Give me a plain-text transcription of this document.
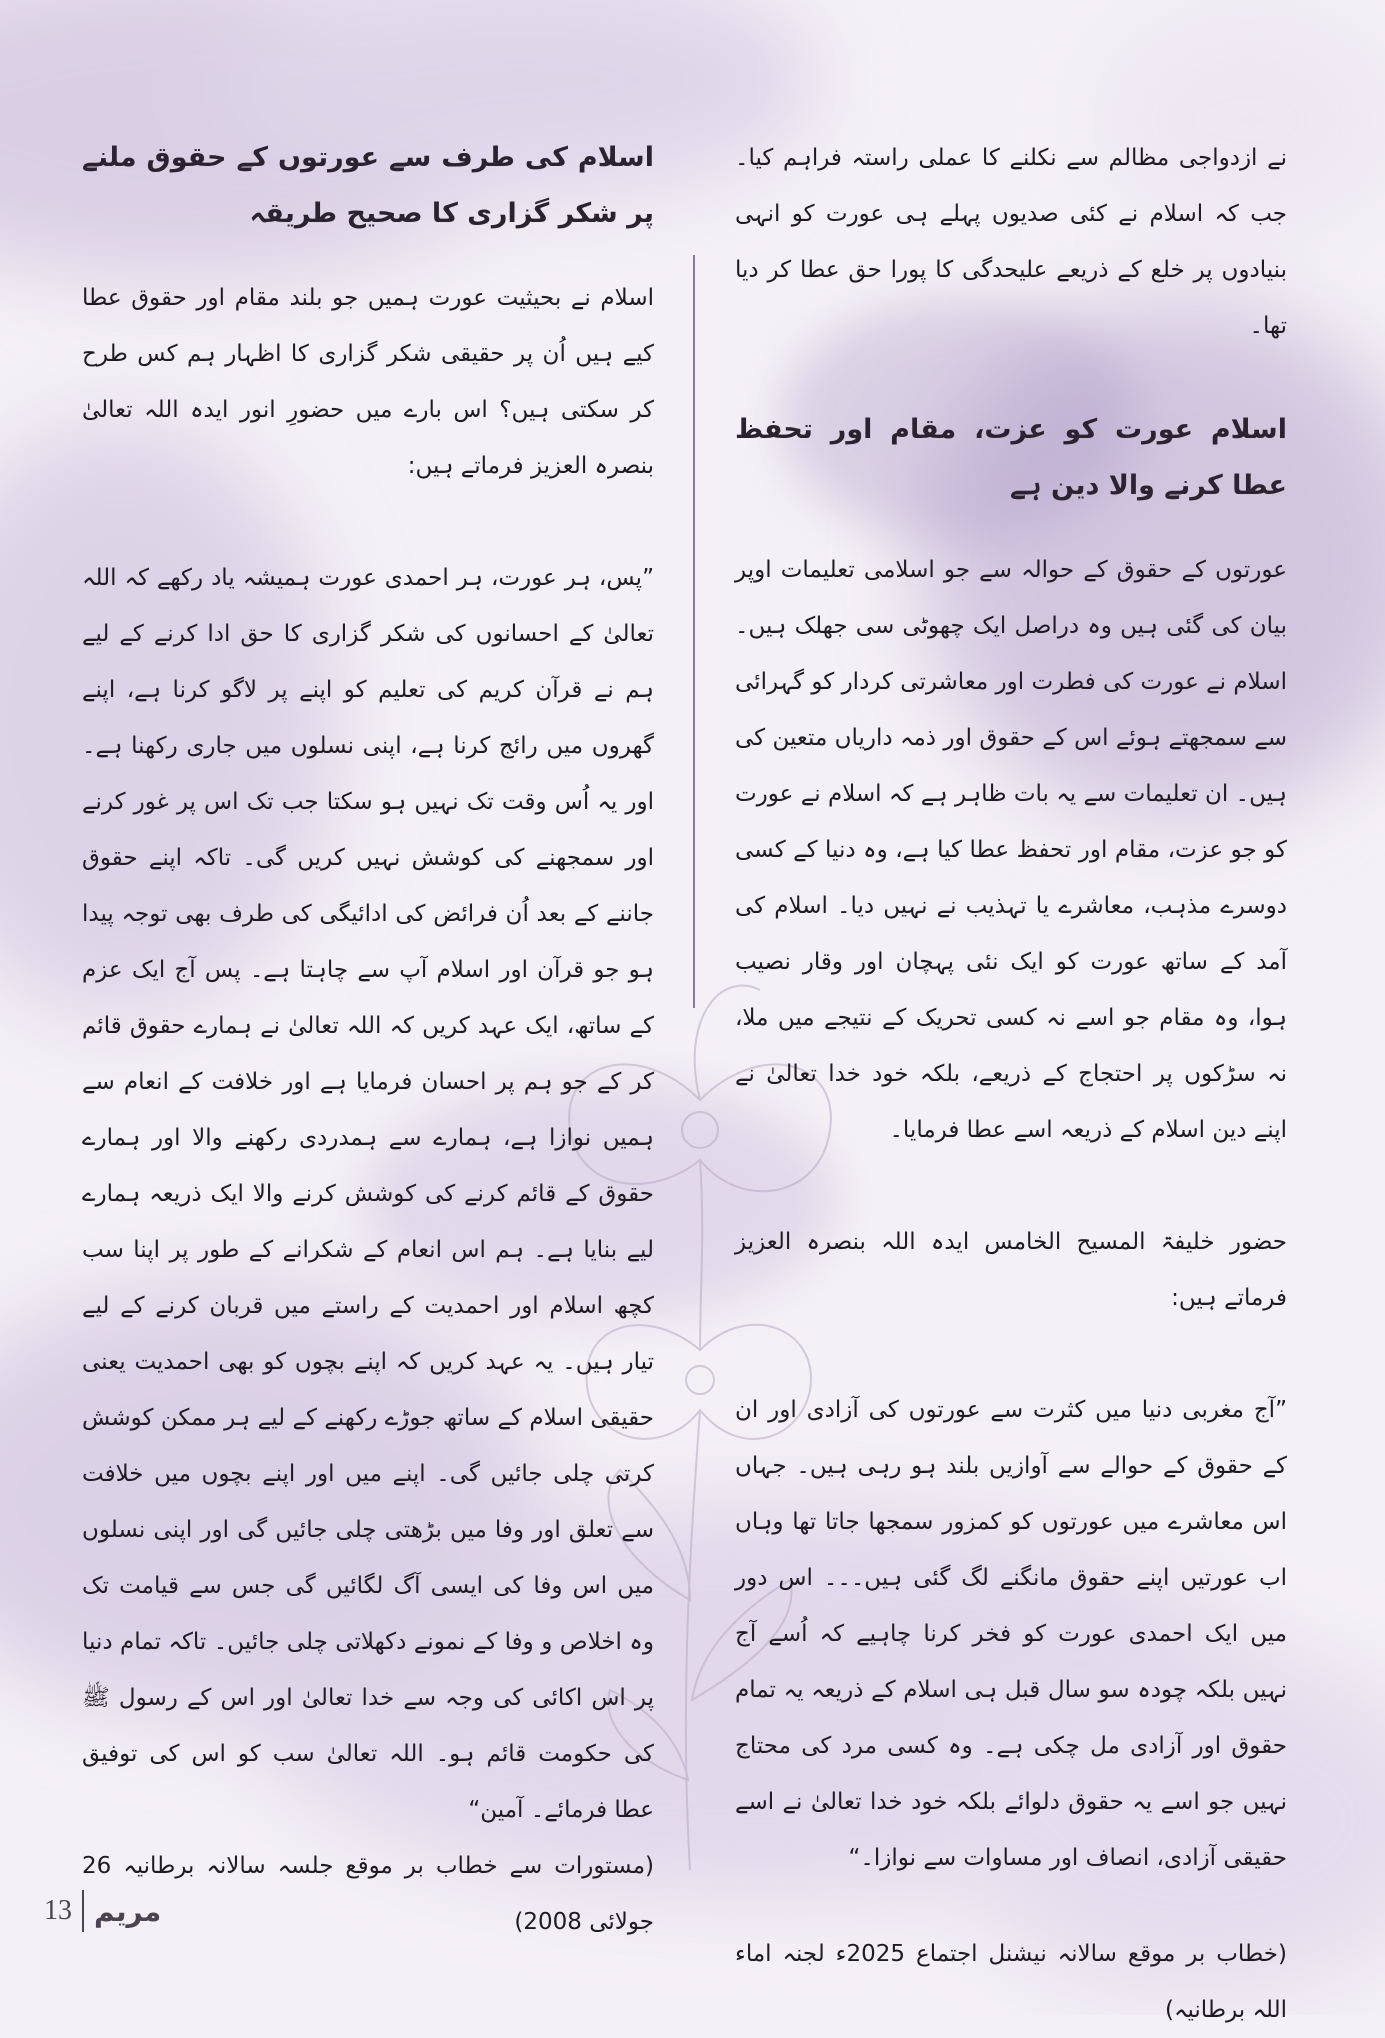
نے ازدواجی مظالم سے نکلنے کا عملی راستہ فراہم کیا۔ جب کہ اسلام نے کئی صدیوں پہلے ہی عورت کو انہی بنیادوں پر خلع کے ذریعے علیحدگی کا پورا حق عطا کر دیا تھا۔

اسلام عورت کو عزت، مقام اور تحفظ عطا کرنے والا دین ہے

عورتوں کے حقوق کے حوالہ سے جو اسلامی تعلیمات اوپر بیان کی گئی ہیں وہ دراصل ایک چھوٹی سی جھلک ہیں۔ اسلام نے عورت کی فطرت اور معاشرتی کردار کو گہرائی سے سمجھتے ہوئے اس کے حقوق اور ذمہ داریاں متعین کی ہیں۔ ان تعلیمات سے یہ بات ظاہر ہے کہ اسلام نے عورت کو جو عزت، مقام اور تحفظ عطا کیا ہے، وہ دنیا کے کسی دوسرے مذہب، معاشرے یا تہذیب نے نہیں دیا۔ اسلام کی آمد کے ساتھ عورت کو ایک نئی پہچان اور وقار نصیب ہوا، وہ مقام جو اسے نہ کسی تحریک کے نتیجے میں ملا، نہ سڑکوں پر احتجاج کے ذریعے، بلکہ خود خدا تعالیٰ نے اپنے دین اسلام کے ذریعہ اسے عطا فرمایا۔

حضور خلیفۃ المسیح الخامس ایدہ اللہ بنصرہ العزیز فرماتے ہیں:

”آج مغربی دنیا میں کثرت سے عورتوں کی آزادی اور ان کے حقوق کے حوالے سے آوازیں بلند ہو رہی ہیں۔ جہاں اس معاشرے میں عورتوں کو کمزور سمجھا جاتا تھا وہاں اب عورتیں اپنے حقوق مانگنے لگ گئی ہیں۔۔۔ اس دور میں ایک احمدی عورت کو فخر کرنا چاہیے کہ اُسے آج نہیں بلکہ چودہ سو سال قبل ہی اسلام کے ذریعہ یہ تمام حقوق اور آزادی مل چکی ہے۔ وہ کسی مرد کی محتاج نہیں جو اسے یہ حقوق دلوائے بلکہ خود خدا تعالیٰ نے اسے حقیقی آزادی، انصاف اور مساوات سے نوازا۔“

(خطاب بر موقع سالانہ نیشنل اجتماع 2025ء لجنہ اماء اللہ برطانیہ)

اسلام کی طرف سے عورتوں کے حقوق ملنے پر شکر گزاری کا صحیح طریقہ

اسلام نے بحیثیت عورت ہمیں جو بلند مقام اور حقوق عطا کیے ہیں اُن پر حقیقی شکر گزاری کا اظہار ہم کس طرح کر سکتی ہیں؟ اس بارے میں حضورِ انور ایدہ اللہ تعالیٰ بنصرہ العزیز فرماتے ہیں:

”پس، ہر عورت، ہر احمدی عورت ہمیشہ یاد رکھے کہ اللہ تعالیٰ کے احسانوں کی شکر گزاری کا حق ادا کرنے کے لیے ہم نے قرآن کریم کی تعلیم کو اپنے پر لاگو کرنا ہے، اپنے گھروں میں رائج کرنا ہے، اپنی نسلوں میں جاری رکھنا ہے۔ اور یہ اُس وقت تک نہیں ہو سکتا جب تک اس پر غور کرنے اور سمجھنے کی کوشش نہیں کریں گی۔ تاکہ اپنے حقوق جاننے کے بعد اُن فرائض کی ادائیگی کی طرف بھی توجہ پیدا ہو جو قرآن اور اسلام آپ سے چاہتا ہے۔ پس آج ایک عزم کے ساتھ، ایک عہد کریں کہ اللہ تعالیٰ نے ہمارے حقوق قائم کر کے جو ہم پر احسان فرمایا ہے اور خلافت کے انعام سے ہمیں نوازا ہے، ہمارے سے ہمدردی رکھنے والا اور ہمارے حقوق کے قائم کرنے کی کوشش کرنے والا ایک ذریعہ ہمارے لیے بنایا ہے۔ ہم اس انعام کے شکرانے کے طور پر اپنا سب کچھ اسلام اور احمدیت کے راستے میں قربان کرنے کے لیے تیار ہیں۔ یہ عہد کریں کہ اپنے بچوں کو بھی احمدیت یعنی حقیقی اسلام کے ساتھ جوڑے رکھنے کے لیے ہر ممکن کوشش کرتی چلی جائیں گی۔ اپنے میں اور اپنے بچوں میں خلافت سے تعلق اور وفا میں بڑھتی چلی جائیں گی اور اپنی نسلوں میں اس وفا کی ایسی آگ لگائیں گی جس سے قیامت تک وہ اخلاص و وفا کے نمونے دکھلاتی چلی جائیں۔ تاکہ تمام دنیا پر اس اکائی کی وجہ سے خدا تعالیٰ اور اس کے رسول ﷺ کی حکومت قائم ہو۔ اللہ تعالیٰ سب کو اس کی توفیق عطا فرمائے۔ آمین“

(مستورات سے خطاب بر موقع جلسہ سالانہ برطانیہ 26 جولائی 2008)

13 مریم
